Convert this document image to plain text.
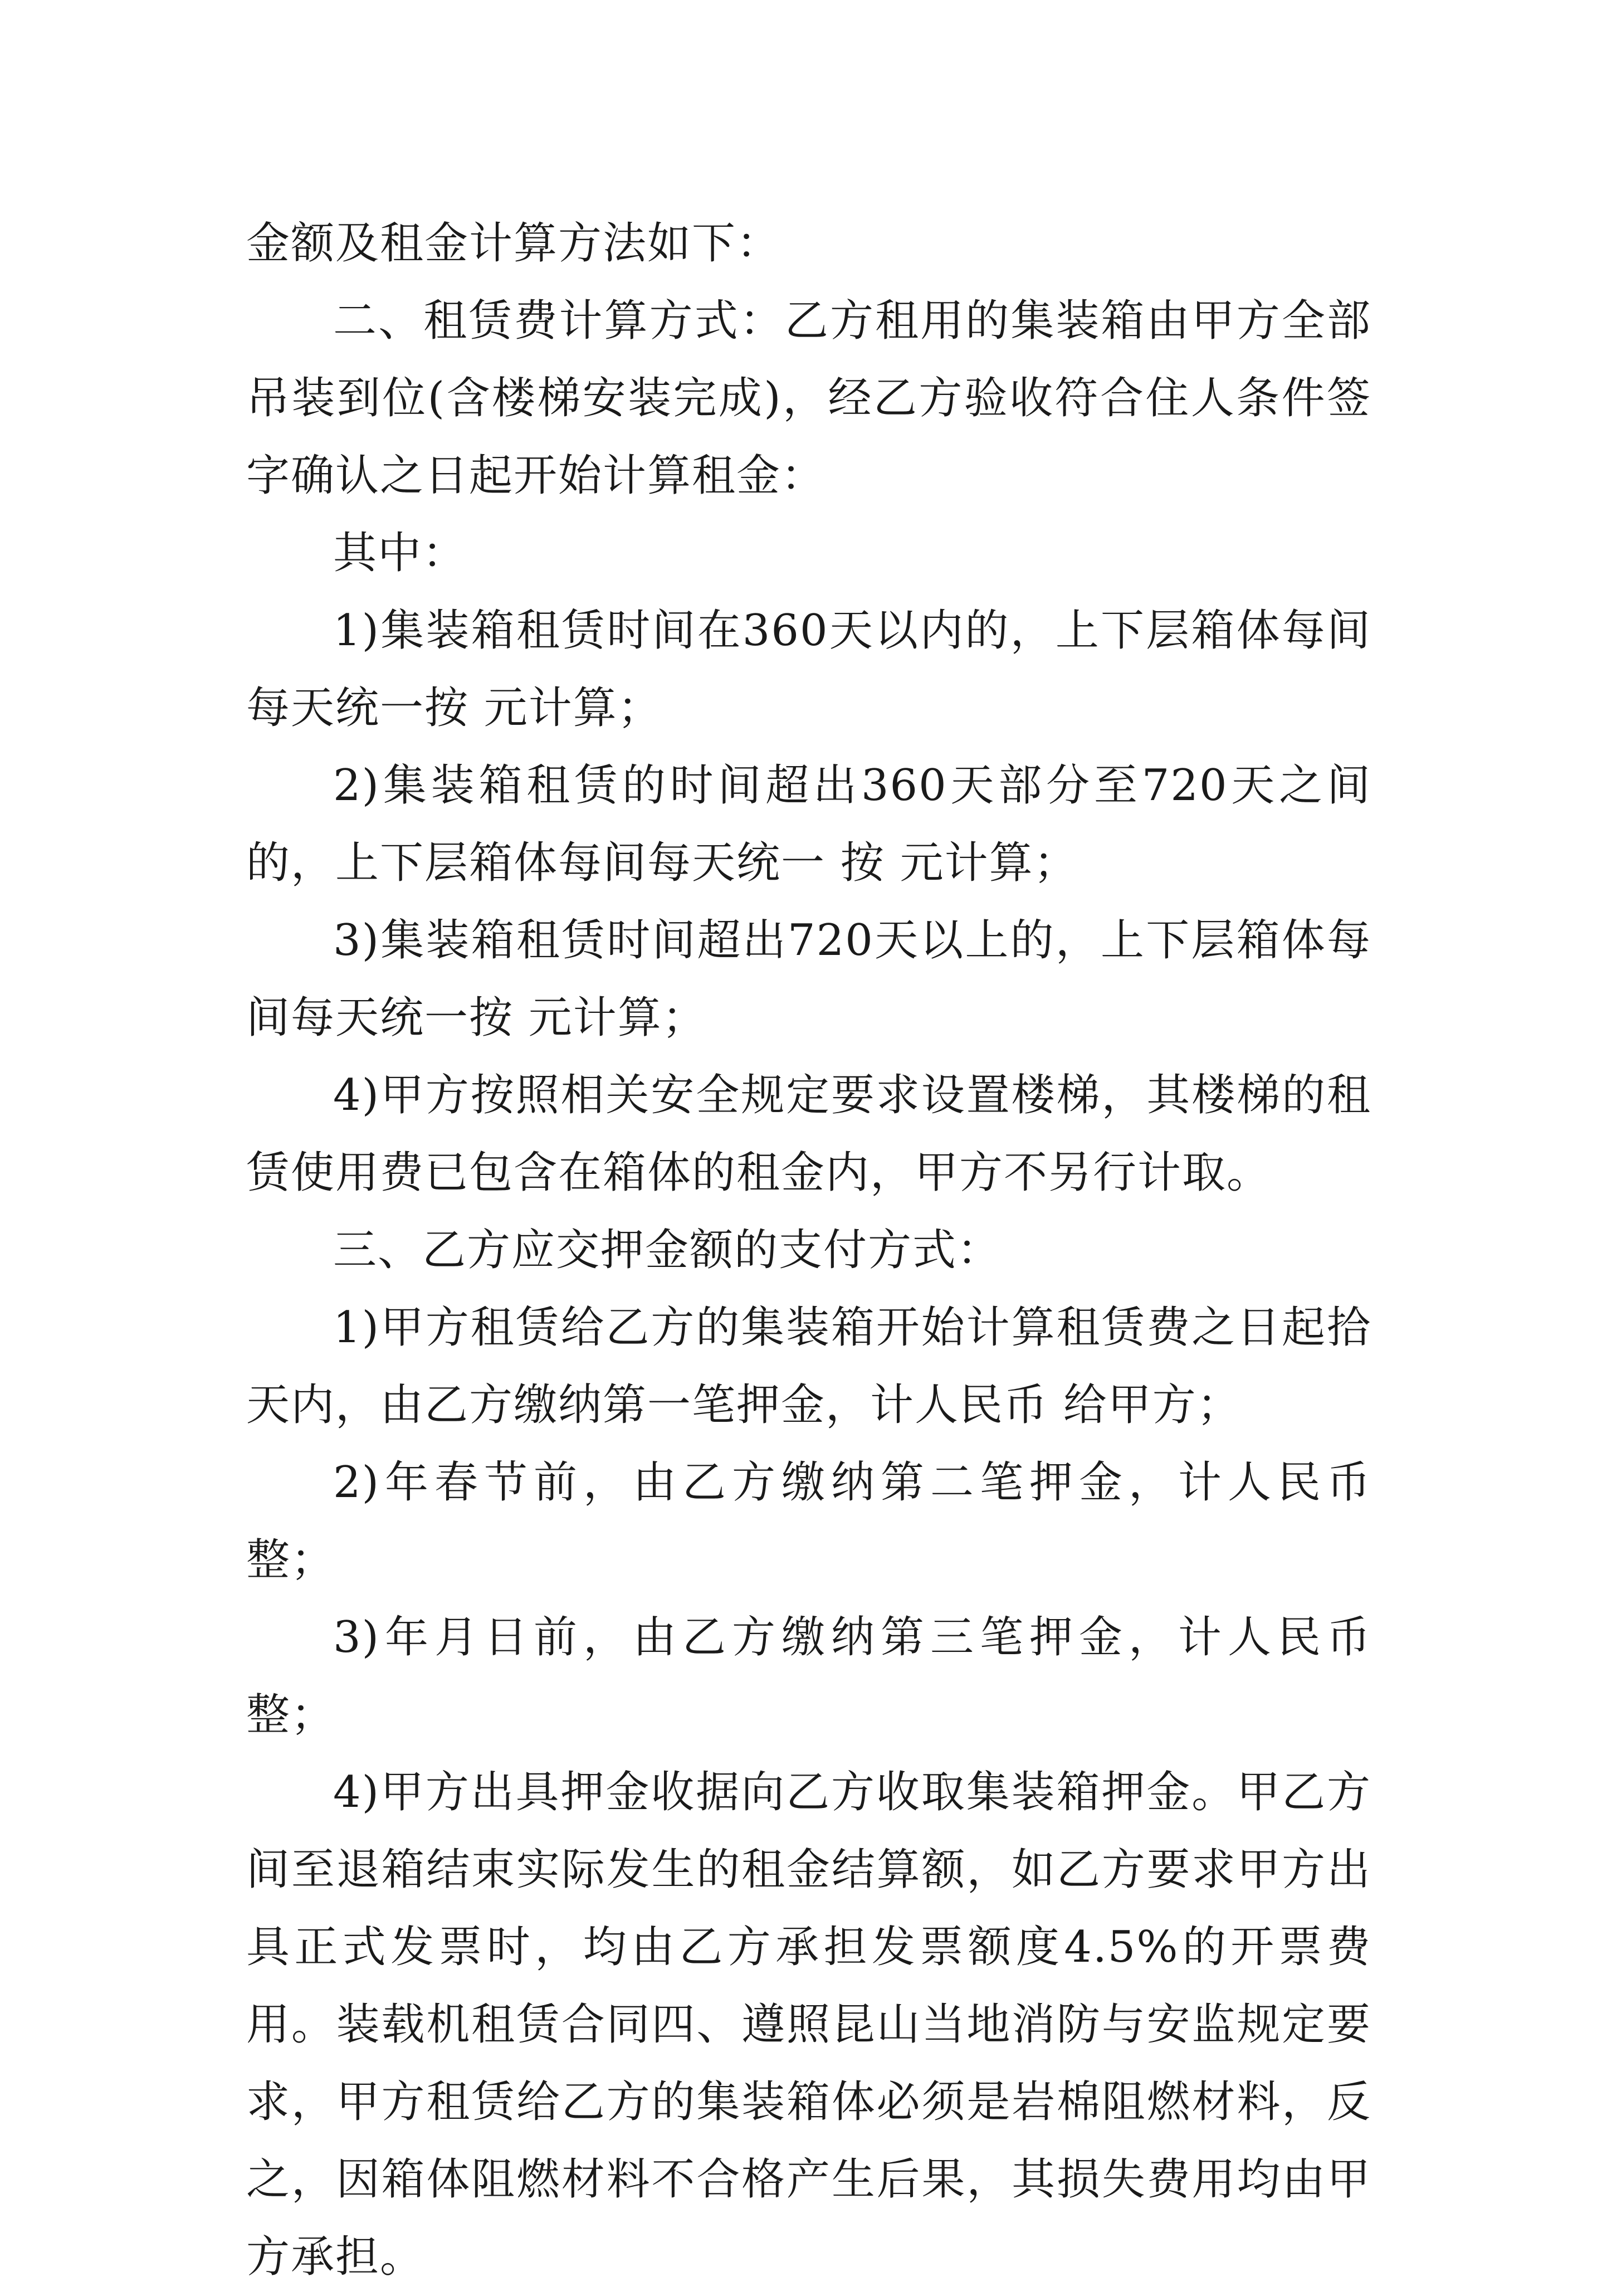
金额及租金计算方法如下：

二、租赁费计算方式：乙方租用的集装箱由甲方全部吊装到位(含楼梯安装完成)，经乙方验收符合住人条件签字确认之日起开始计算租金：

其中：

1)集装箱租赁时间在360天以内的，上下层箱体每间每天统一按 元计算；

2)集装箱租赁的时间超出360天部分至720天之间的，上下层箱体每间每天统一 按 元计算；

3)集装箱租赁时间超出720天以上的，上下层箱体每间每天统一按 元计算；

4)甲方按照相关安全规定要求设置楼梯，其楼梯的租赁使用费已包含在箱体的租金内，甲方不另行计取。

三、乙方应交押金额的支付方式：

1)甲方租赁给乙方的集装箱开始计算租赁费之日起拾天内，由乙方缴纳第一笔押金，计人民币 给甲方；

2)年春节前，由乙方缴纳第二笔押金，计人民币 整；

3)年月日前，由乙方缴纳第三笔押金，计人民币 整；

4)甲方出具押金收据向乙方收取集装箱押金。甲乙方间至退箱结束实际发生的租金结算额，如乙方要求甲方出具正式发票时，均由乙方承担发票额度4.5%的开票费用。装载机租赁合同四、遵照昆山当地消防与安监规定要求，甲方租赁给乙方的集装箱体必须是岩棉阻燃材料，反之，因箱体阻燃材料不合格产生后果，其损失费用均由甲方承担。
